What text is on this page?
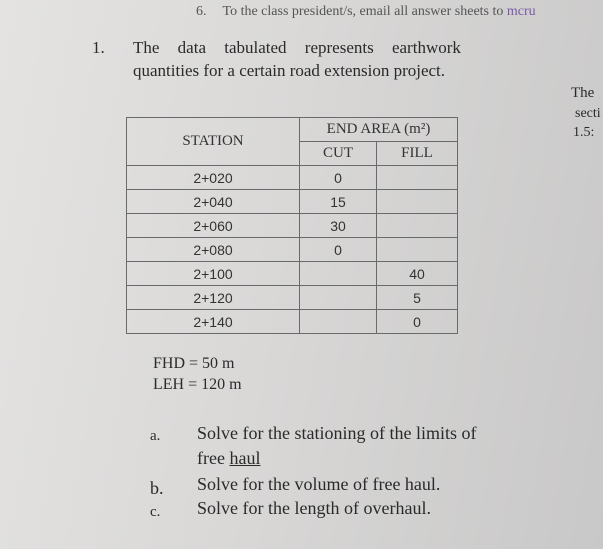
6. To the class president/s, email all answer sheets to mcru
1. The data tabulated represents earthwork
quantities for a certain road extension project.
The
secti
1.5:
STATION	END AREA (m²)	
	CUT	FILL
2+020	0	
2+040	15	
2+060	30	
2+080	0	
2+100		40
2+120		5
2+140		0
FHD = 50 m
LEH = 120 m
a. Solve for the stationing of the limits of
free haul
b. Solve for the volume of free haul.
c. Solve for the length of overhaul.
